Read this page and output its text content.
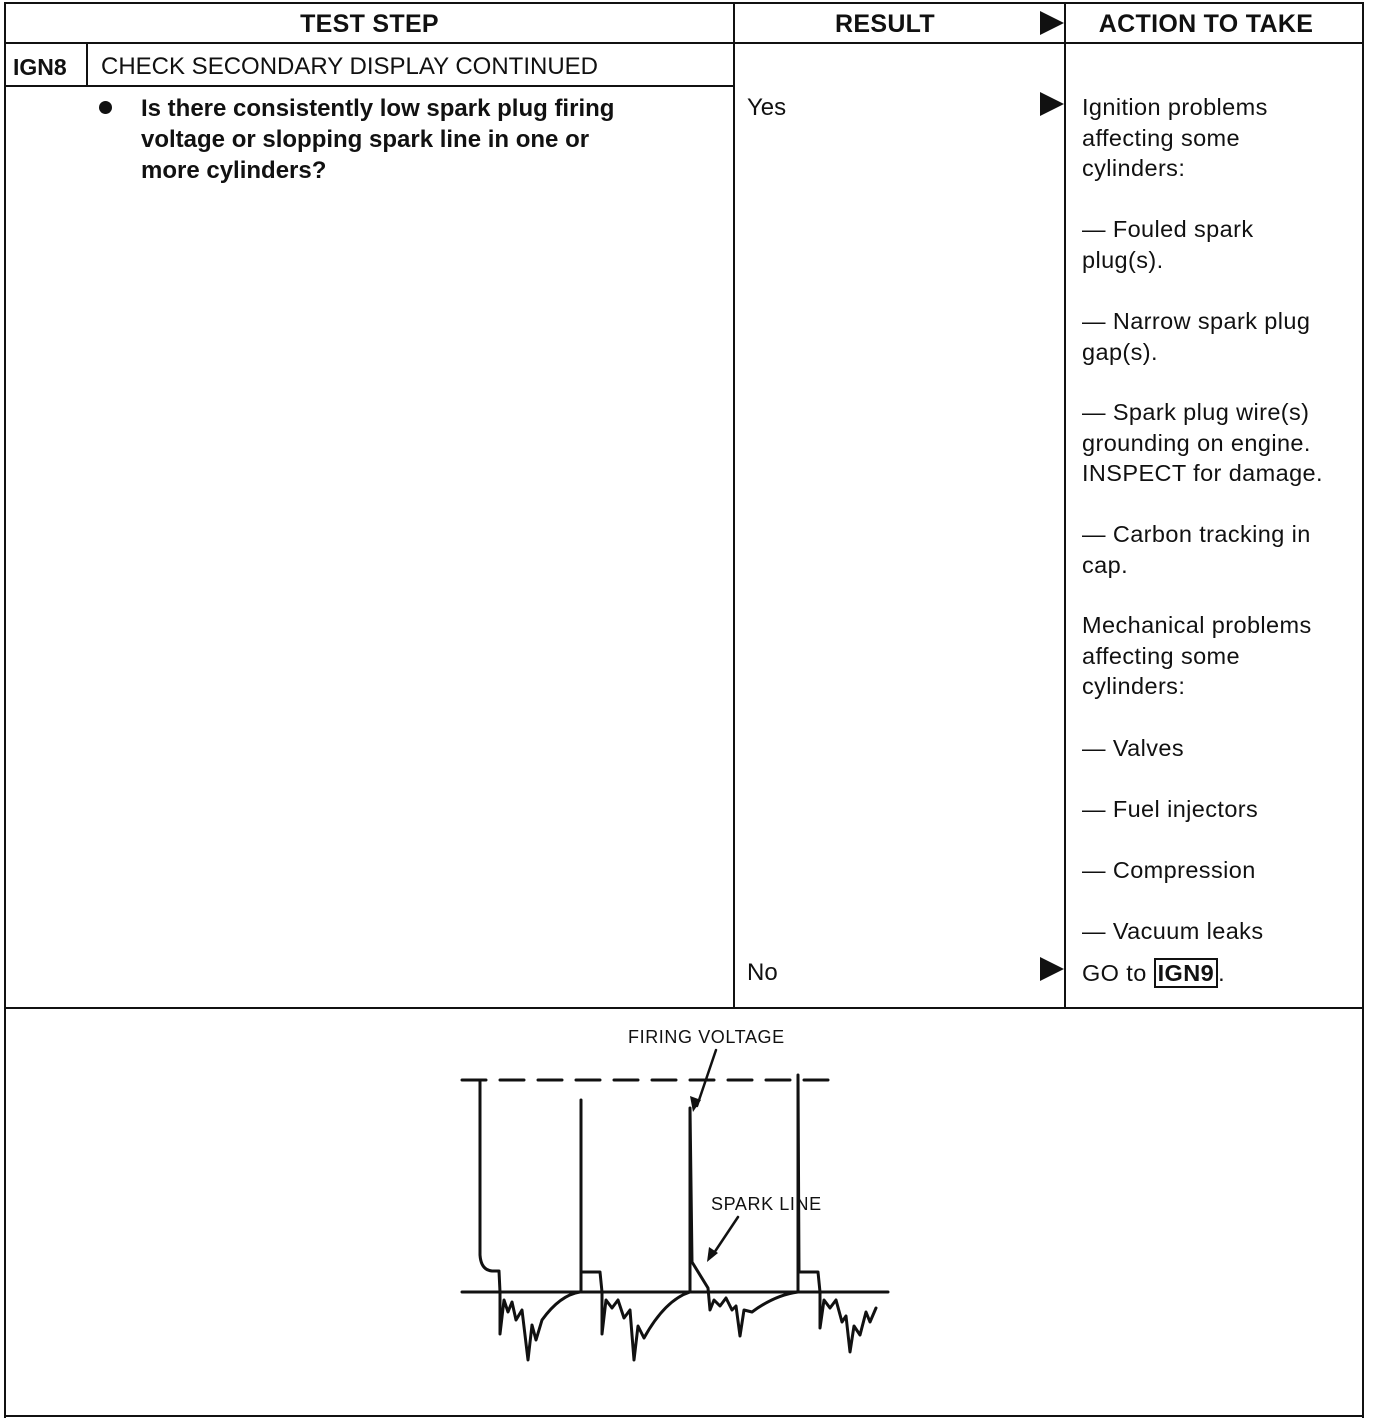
TEST STEP	RESULT	ACTION TO TAKE
IGN8 CHECK SECONDARY DISPLAY CONTINUED
Is there consistently low spark plug firing
voltage or slopping spark line in one or
more cylinders?
Yes
No
Ignition problems
affecting some
cylinders:
— Fouled spark
plug(s).
— Narrow spark plug
gap(s).
— Spark plug wire(s)
grounding on engine.
INSPECT for damage.
— Carbon tracking in
cap.
Mechanical problems
affecting some
cylinders:
— Valves
— Fuel injectors
— Compression
— Vacuum leaks
GO to IGN9 .
FIRING VOLTAGE
SPARK LINE
